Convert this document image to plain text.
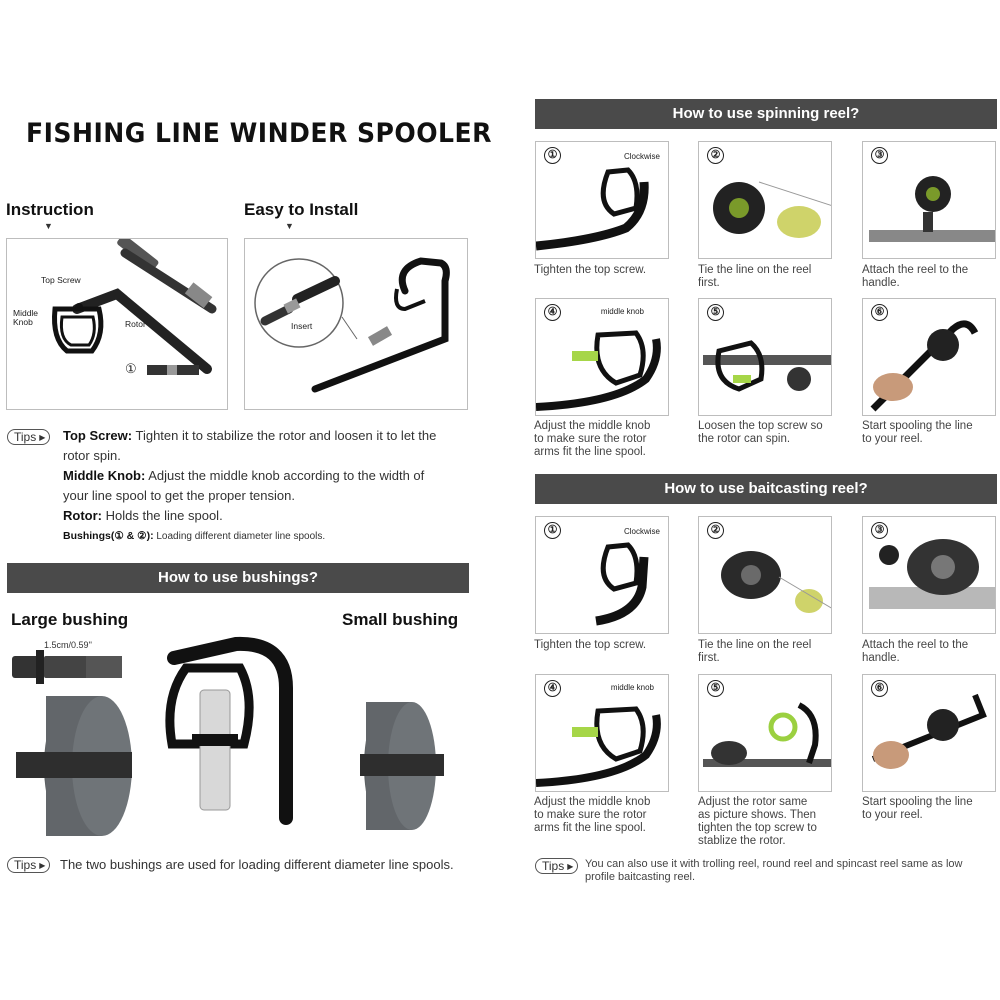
FISHING LINE WINDER SPOOLER
Instruction
▼
Top Screw
Middle Knob	Rotor
①
Easy to Install
▼
Insert
Tips ▶ Top Screw: Tighten it to stabilize the rotor and loosen it to let the
rotor spin.
Middle Knob: Adjust the middle knob according to the width of
your line spool to get the proper tension.
Rotor: Holds the line spool.
Bushings(① & ②): Loading different diameter line spools.
How to use bushings?
Large bushing	Small bushing
1.5cm/0.59''
Tips ▶ The two bushings are used for loading different diameter line spools.
How to use spinning reel?
①	Clockwise	②	③
Tighten the top screw.	Tie the line on the reel
first.
Attach the reel to the
handle.
④	middle knob	⑤	⑥
Adjust the middle knob
to make sure the rotor
arms fit the line spool.
Loosen the top screw so
the rotor can spin.
Start spooling the line
to your reel.
How to use baitcasting reel?
①	Clockwise	②	③
Tighten the top screw.	Tie the line on the reel
first.
Attach the reel to the
handle.
④	middle knob	⑤	⑥
Adjust the middle knob
to make sure the rotor
arms fit the line spool.
Adjust the rotor same
as picture shows. Then
tighten the top screw to
stablize the rotor.
Start spooling the line
to your reel.
Tips ▶ You can also use it with trolling reel, round reel and spincast reel same as low
profile baitcasting reel.
